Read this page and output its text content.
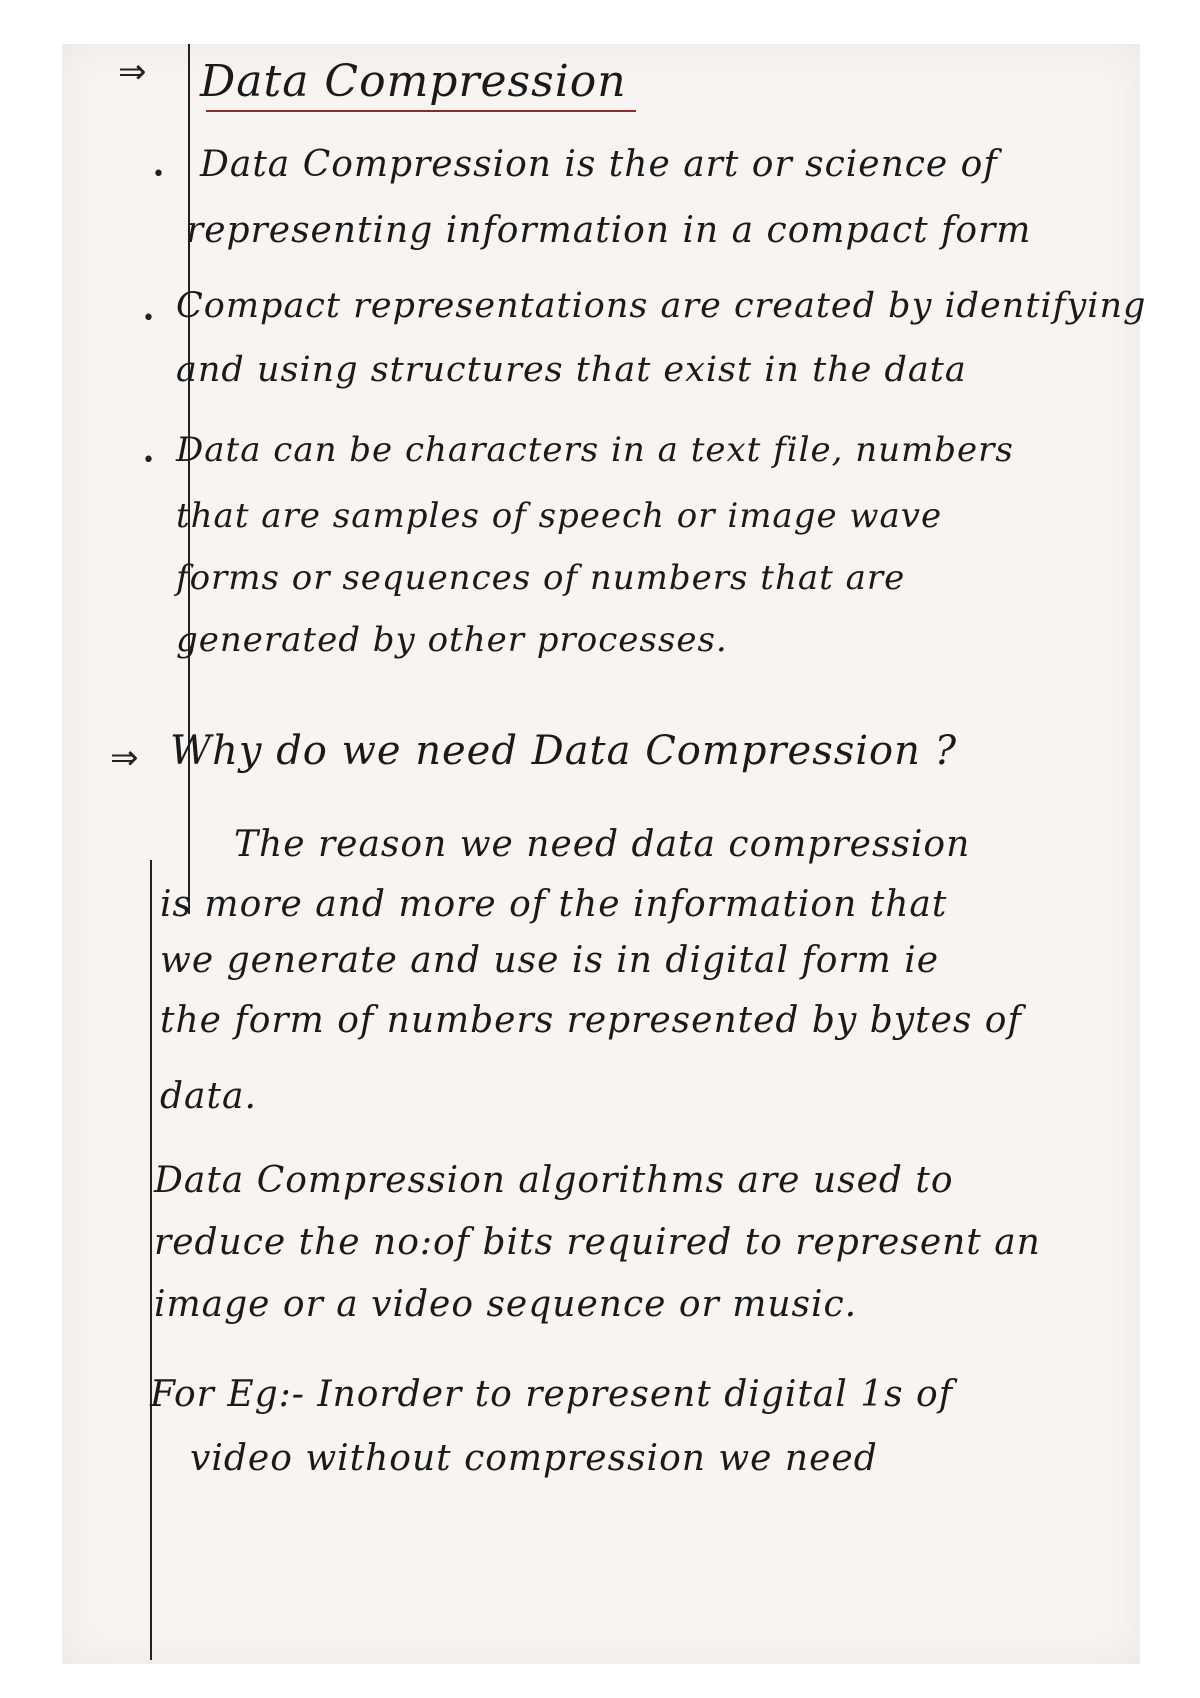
⇒ Data Compression
• Data Compression is the art or science of
representing information in a compact form
• Compact representations are created by identifying
and using structures that exist in the data
• Data can be characters in a text file, numbers
that are samples of speech or image wave
forms or sequences of numbers that are
generated by other processes.
⇒ Why do we need Data Compression ?
The reason we need data compression
is more and more of the information that
we generate and use is in digital form ie
the form of numbers represented by bytes of
data.
Data Compression algorithms are used to
reduce the no:of bits required to represent an
image or a video sequence or music.
For Eg:- Inorder to represent digital 1s of
video without compression we need
